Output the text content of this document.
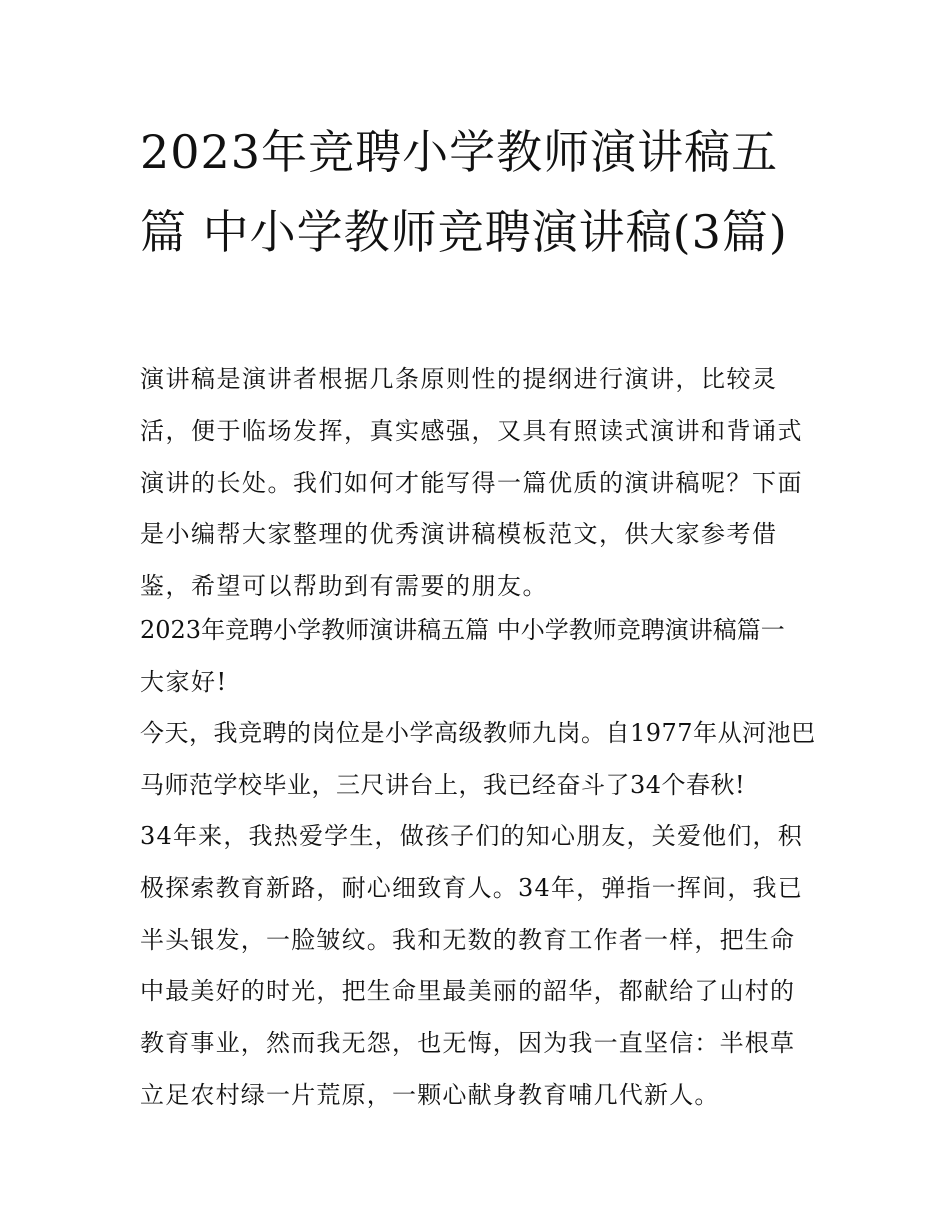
2023年竞聘小学教师演讲稿五篇 中小学教师竞聘演讲稿(3篇)

演讲稿是演讲者根据几条原则性的提纲进行演讲，比较灵活，便于临场发挥，真实感强，又具有照读式演讲和背诵式演讲的长处。我们如何才能写得一篇优质的演讲稿呢？下面是小编帮大家整理的优秀演讲稿模板范文，供大家参考借鉴，希望可以帮助到有需要的朋友。

2023年竞聘小学教师演讲稿五篇 中小学教师竞聘演讲稿篇一

大家好!

今天，我竞聘的岗位是小学高级教师九岗。自1977年从河池巴马师范学校毕业，三尺讲台上，我已经奋斗了34个春秋!

34年来，我热爱学生，做孩子们的知心朋友，关爱他们，积极探索教育新路，耐心细致育人。34年，弹指一挥间，我已半头银发，一脸皱纹。我和无数的教育工作者一样，把生命中最美好的时光，把生命里最美丽的韶华，都献给了山村的教育事业，然而我无怨，也无悔，因为我一直坚信：半根草立足农村绿一片荒原，一颗心献身教育哺几代新人。
